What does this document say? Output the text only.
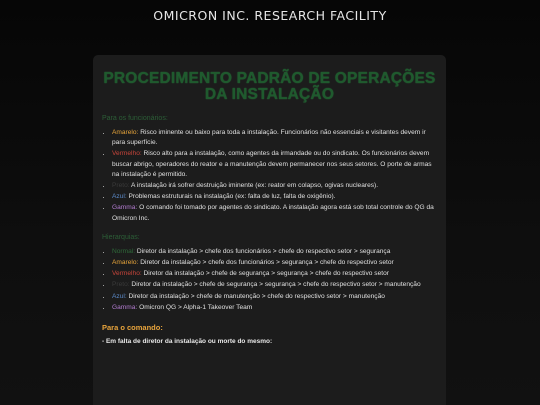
OMICRON INC. RESEARCH FACILITY
PROCEDIMENTO PADRÃO DE OPERAÇÕES DA INSTALAÇÃO
Para os funcionários:
• Amarelo: Risco iminente ou baixo para toda a instalação. Funcionários não essenciais e visitantes devem ir para superfície.
• Vermelho: Risco alto para a instalação, como agentes da irmandade ou do sindicato. Os funcionários devem buscar abrigo, operadores do reator e a manutenção devem permanecer nos seus setores. O porte de armas na instalação é permitido.
• Preto: A instalação irá sofrer destruição iminente (ex: reator em colapso, ogivas nucleares).
• Azul: Problemas estruturais na instalação (ex: falta de luz, falta de oxigênio).
• Gamma: O comando foi tomado por agentes do sindicato. A instalação agora está sob total controle do QG da Omicron Inc.
Hierarquias:
• Normal: Diretor da instalação > chefe dos funcionários > chefe do respectivo setor > segurança
• Amarelo: Diretor da instalação > chefe dos funcionários > segurança > chefe do respectivo setor
• Vermelho: Diretor da instalação > chefe de segurança > segurança > chefe do respectivo setor
• Preto: Diretor da instalação > chefe de segurança > segurança > chefe do respectivo setor > manutenção
• Azul: Diretor da instalação > chefe de manutenção > chefe do respectivo setor > manutenção
• Gamma: Omicron QG > Alpha-1 Takeover Team
Para o comando:
- Em falta de diretor da instalação ou morte do mesmo:
